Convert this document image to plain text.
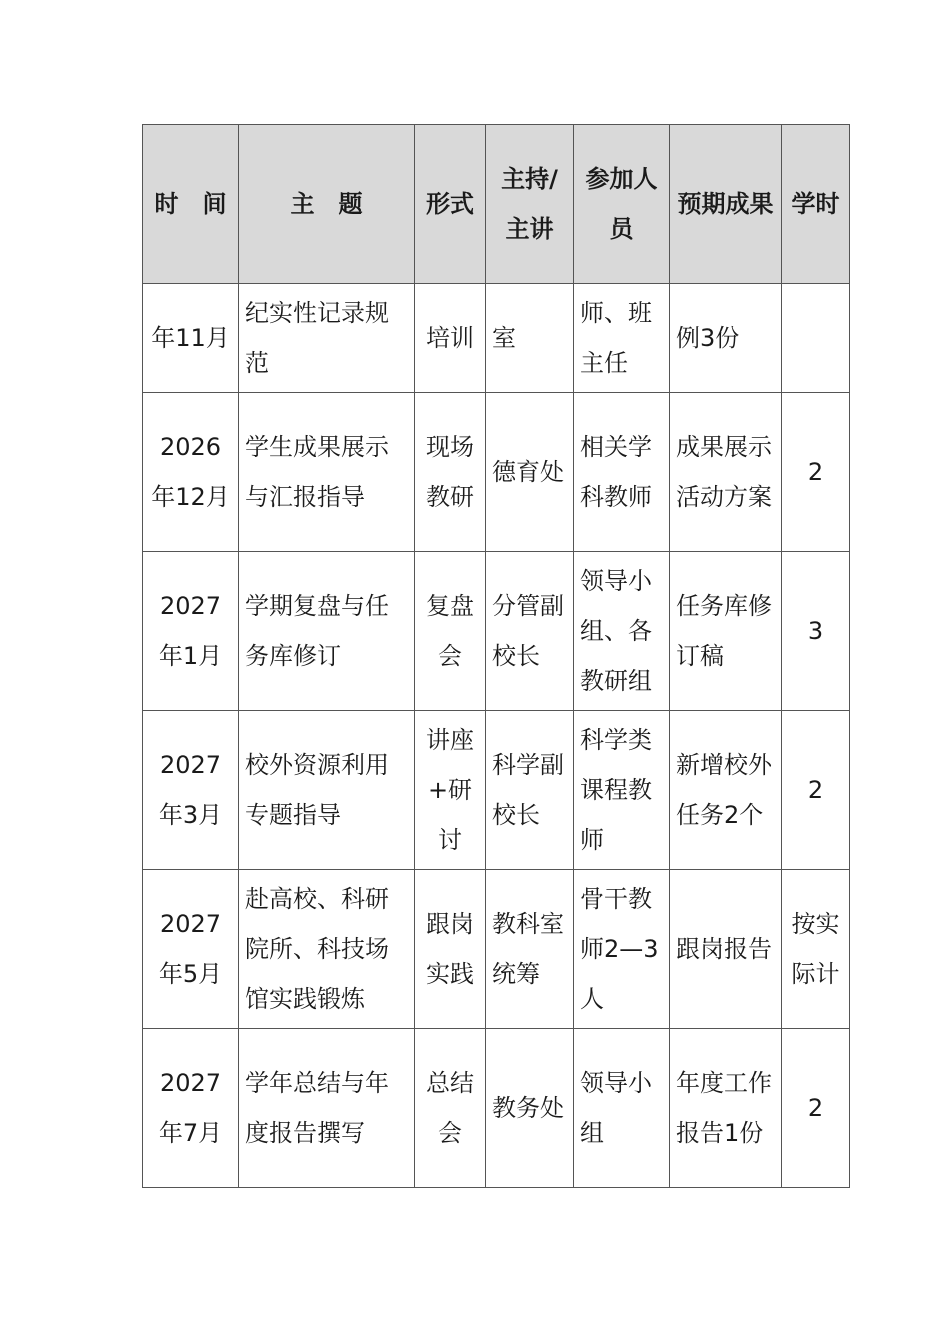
时　间	主　题	形式	主持/主讲	参加人员	预期成果	学时
年11月	纪实性记录规范	培训	室	师、班主任	例3份	
2026年12月	学生成果展示与汇报指导	现场教研	德育处	相关学科教师	成果展示活动方案	2
2027年1月	学期复盘与任务库修订	复盘会	分管副校长	领导小组、各教研组	任务库修订稿	3
2027年3月	校外资源利用专题指导	讲座+研讨	科学副校长	科学类课程教师	新增校外任务2个	2
2027年5月	赴高校、科研院所、科技场馆实践锻炼	跟岗实践	教科室统筹	骨干教师2—3人	跟岗报告	按实际计
2027年7月	学年总结与年度报告撰写	总结会	教务处	领导小组	年度工作报告1份	2
